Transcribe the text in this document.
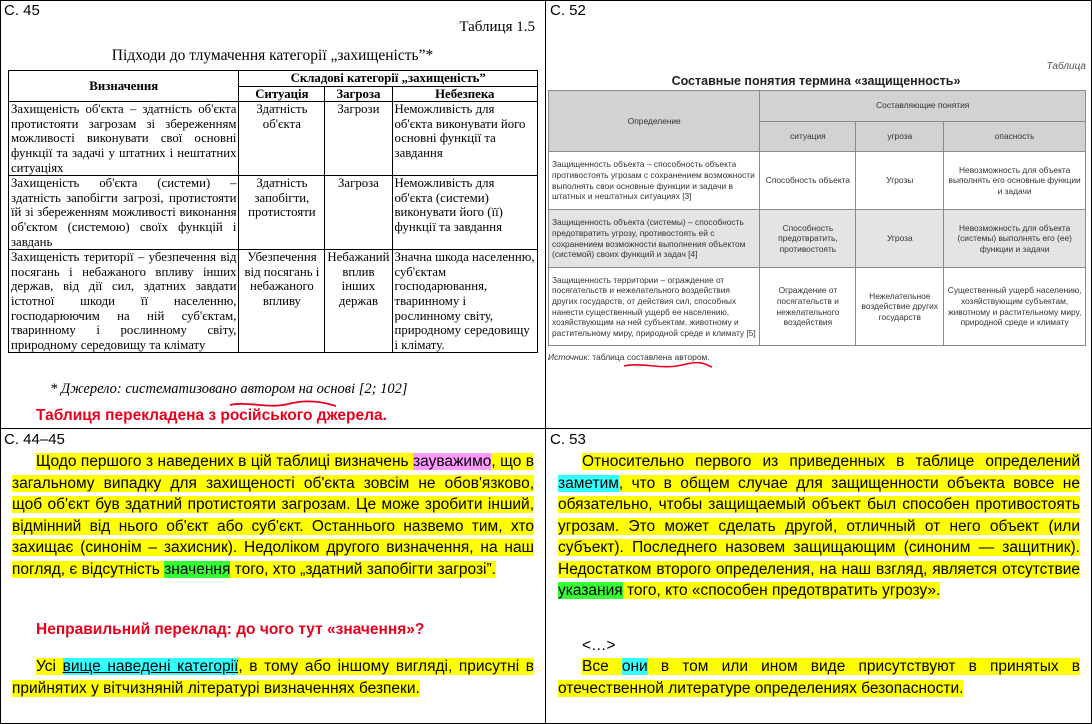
С. 45
Таблиця 1.5
Підходи до тлумачення категорії „захищеність”*
Визначення	Складові категорії „захищеність”		
	Ситуація	Загроза	Небезпека
Захищеність об'єкта – здатність об'єкта протистояти загрозам зі збереженням можливості виконувати свої основні функції та задачі у штатних і нештатних ситуаціях	Здатність об'єкта	Загрози	Неможливість для об'єкта виконувати його основні функції та завдання
Захищеність об'єкта (системи) – здатність запобігти загрозі, протистояти їй зі збереженням можливості виконання об'єктом (системою) своїх функцій і завдань	Здатність запобігти, протистояти	Загроза	Неможливість для об'єкта (системи) виконувати його (її) функції та завдання
Захищеність території – убезпечення від посягань і небажаного впливу інших держав, від дії сил, здатних завдати істотної шкоди її населенню, господарюючим на ній суб'єктам, тваринному і рослинному світу, природному середовищу та клімату	Убезпечення від посягань і небажаного впливу	Небажаний вплив інших держав	Значна шкода населенню, суб'єктам господарювання, тваринному і рослинному світу, природному середовищу і клімату.
* Джерело: систематизовано автором на основі [2; 102]
Таблиця перекладена з російського джерела.
С. 52
Таблица
Составные понятия термина «защищенность»
Определение	Составляющие понятия		
	ситуация	угроза	опасность
Защищенность объекта – способность объекта противостоять угрозам с сохранением возможности выполнять свои основные функции и задачи в штатных и нештатных ситуациях [3]	Способность объекта	Угрозы	Невозможность для объекта выполнять его основные функции и задачи
Защищенность объекта (системы) – способность предотвратить угрозу, противостоять ей с сохранением возможности выполнения объектом (системой) своих функций и задач [4]	Способность предотвратить, противостоять	Угроза	Невозможность для объекта (системы) выполнять его (ее) функции и задачи
Защищенность территории – ограждение от посягательств и нежелательного воздействия других государств, от действия сил, способных нанести существенный ущерб ее населению, хозяйствующим на ней субъектам, животному и растительному миру, природной среде и климату [5]	Ограждение от посягательств и нежелательного воздействия	Нежелательное воздействие других государств	Существенный ущерб населению, хозяйствующим субъектам, животному и растительному миру, природной среде и климату
Источник: таблица составлена автором.
С. 44–45
Щодо першого з наведених в цій таблиці визначень зауважимо, що в загальному випадку для захищеності об'єкта зовсім не обов'язково, щоб об'єкт був здатний протистояти загрозам. Це може зробити інший, відмінний від нього об'єкт або суб'єкт. Останнього назвемо тим, хто захищає (синонім – захисник). Недоліком другого визначення, на наш погляд, є відсутність значення того, хто „здатний запобігти загрозі”.
Неправильний переклад: до чого тут «значення»?
Усі вище наведені категорії, в тому або іншому вигляді, присутні в прийнятих у вітчизняній літературі визначеннях безпеки.
С. 53
Относительно первого из приведенных в таблице определений заметим, что в общем случае для защищенности объекта вовсе не обязательно, чтобы защищаемый объект был способен противостоять угрозам. Это может сделать другой, отличный от него объект (или субъект). Последнего назовем защищающим (синоним — защитник). Недостатком второго определения, на наш взгляд, является отсутствие указания того, кто «способен предотвратить угрозу».
<…>
Все они в том или ином виде присутствуют в принятых в отечественной литературе определениях безопасности.
